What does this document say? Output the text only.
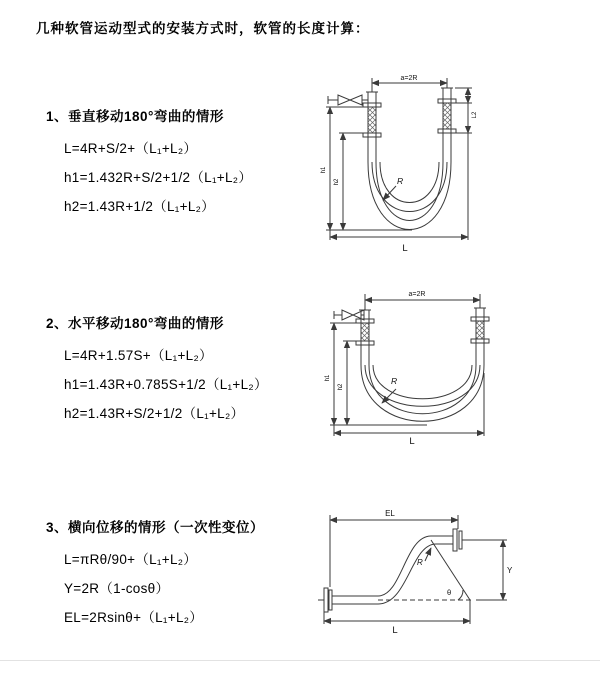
几种软管运动型式的安装方式时，软管的长度计算：
1、垂直移动180°弯曲的情形
L=4R+S/2+（L₁+L₂）
h1=1.432R+S/2+1/2（L₁+L₂）
h2=1.43R+1/2（L₁+L₂）
a=2R
L2
h1
h2	R
L
2、水平移动180°弯曲的情形
L=4R+1.57S+（L₁+L₂）
h1=1.43R+0.785S+1/2（L₁+L₂）
h2=1.43R+S/2+1/2（L₁+L₂）
a=2R
h1
h2
R
L
3、横向位移的情形（一次性变位）
L=πRθ/90+（L₁+L₂）
Y=2R（1-cosθ）
EL=2Rsinθ+（L₁+L₂）
EL
Y
R
θ
L
